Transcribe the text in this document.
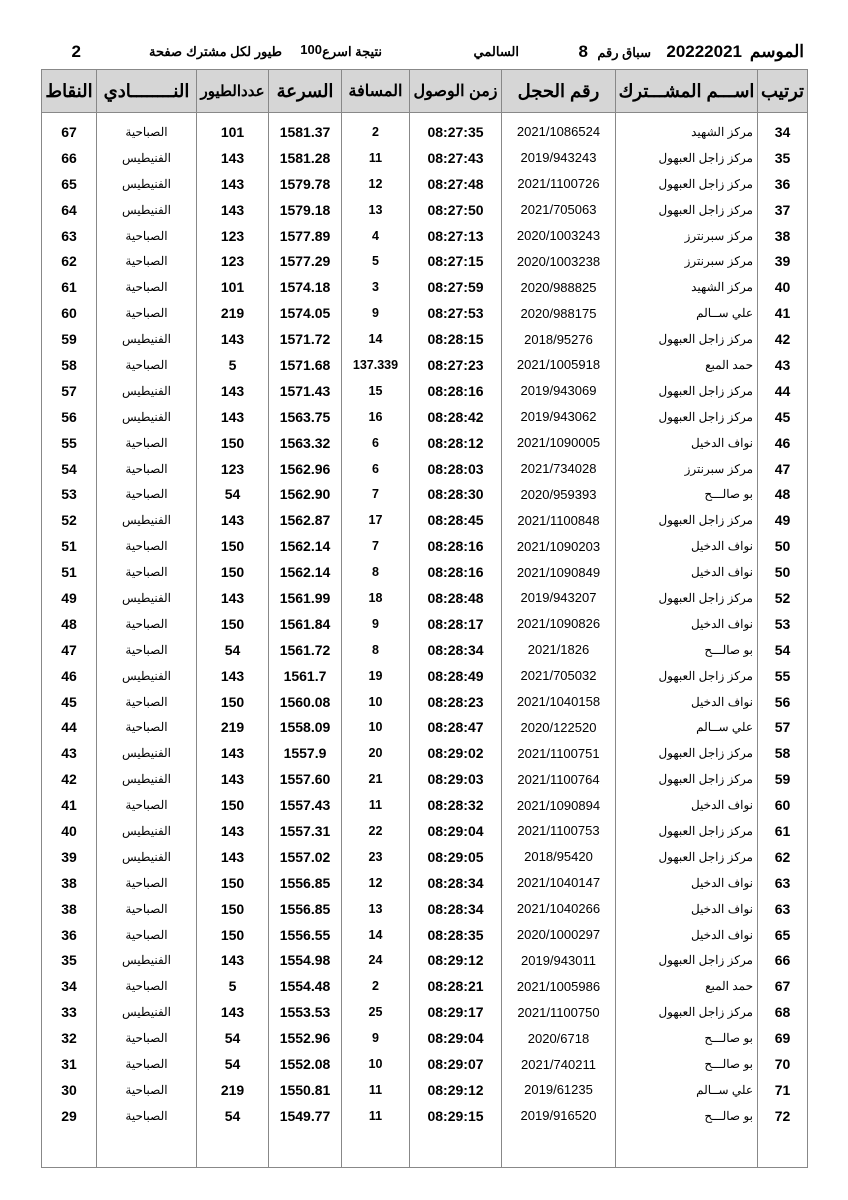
الموسم
20222021
سباق رقم
8
السالمي
نتيجة اسرع
100
طيور لكل مشترك
صفحة
2
ترتيب	اســـم المشـــترك	رقم الحجل	زمن الوصول	المسافة	السرعة	عددالطيور	النــــــــادي	النقاط
34	مركز الشهيد	2021/1086524	08:27:35	2	1581.37	101	الصباحية	67
35	مركز زاجل العبهول	2019/943243	08:27:43	11	1581.28	143	الفنيطيس	66
36	مركز زاجل العبهول	2021/1100726	08:27:48	12	1579.78	143	الفنيطيس	65
37	مركز زاجل العبهول	2021/705063	08:27:50	13	1579.18	143	الفنيطيس	64
38	مركز سبرنترز	2020/1003243	08:27:13	4	1577.89	123	الصباحية	63
39	مركز سبرنترز	2020/1003238	08:27:15	5	1577.29	123	الصباحية	62
40	مركز الشهيد	2020/988825	08:27:59	3	1574.18	101	الصباحية	61
41	علي ســالم	2020/988175	08:27:53	9	1574.05	219	الصباحية	60
42	مركز زاجل العبهول	2018/95276	08:28:15	14	1571.72	143	الفنيطيس	59
43	حمد المبع	2021/1005918	08:27:23	137.339	1571.68	5	الصباحية	58
44	مركز زاجل العبهول	2019/943069	08:28:16	15	1571.43	143	الفنيطيس	57
45	مركز زاجل العبهول	2019/943062	08:28:42	16	1563.75	143	الفنيطيس	56
46	نواف الدخيل	2021/1090005	08:28:12	6	1563.32	150	الصباحية	55
47	مركز سبرنترز	2021/734028	08:28:03	6	1562.96	123	الصباحية	54
48	بو صالـــح	2020/959393	08:28:30	7	1562.90	54	الصباحية	53
49	مركز زاجل العبهول	2021/1100848	08:28:45	17	1562.87	143	الفنيطيس	52
50	نواف الدخيل	2021/1090203	08:28:16	7	1562.14	150	الصباحية	51
50	نواف الدخيل	2021/1090849	08:28:16	8	1562.14	150	الصباحية	51
52	مركز زاجل العبهول	2019/943207	08:28:48	18	1561.99	143	الفنيطيس	49
53	نواف الدخيل	2021/1090826	08:28:17	9	1561.84	150	الصباحية	48
54	بو صالـــح	2021/1826	08:28:34	8	1561.72	54	الصباحية	47
55	مركز زاجل العبهول	2021/705032	08:28:49	19	1561.7	143	الفنيطيس	46
56	نواف الدخيل	2021/1040158	08:28:23	10	1560.08	150	الصباحية	45
57	علي ســالم	2020/122520	08:28:47	10	1558.09	219	الصباحية	44
58	مركز زاجل العبهول	2021/1100751	08:29:02	20	1557.9	143	الفنيطيس	43
59	مركز زاجل العبهول	2021/1100764	08:29:03	21	1557.60	143	الفنيطيس	42
60	نواف الدخيل	2021/1090894	08:28:32	11	1557.43	150	الصباحية	41
61	مركز زاجل العبهول	2021/1100753	08:29:04	22	1557.31	143	الفنيطيس	40
62	مركز زاجل العبهول	2018/95420	08:29:05	23	1557.02	143	الفنيطيس	39
63	نواف الدخيل	2021/1040147	08:28:34	12	1556.85	150	الصباحية	38
63	نواف الدخيل	2021/1040266	08:28:34	13	1556.85	150	الصباحية	38
65	نواف الدخيل	2020/1000297	08:28:35	14	1556.55	150	الصباحية	36
66	مركز زاجل العبهول	2019/943011	08:29:12	24	1554.98	143	الفنيطيس	35
67	حمد المبع	2021/1005986	08:28:21	2	1554.48	5	الصباحية	34
68	مركز زاجل العبهول	2021/1100750	08:29:17	25	1553.53	143	الفنيطيس	33
69	بو صالـــح	2020/6718	08:29:04	9	1552.96	54	الصباحية	32
70	بو صالـــح	2021/740211	08:29:07	10	1552.08	54	الصباحية	31
71	علي ســالم	2019/61235	08:29:12	11	1550.81	219	الصباحية	30
72	بو صالـــح	2019/916520	08:29:15	11	1549.77	54	الصباحية	29
